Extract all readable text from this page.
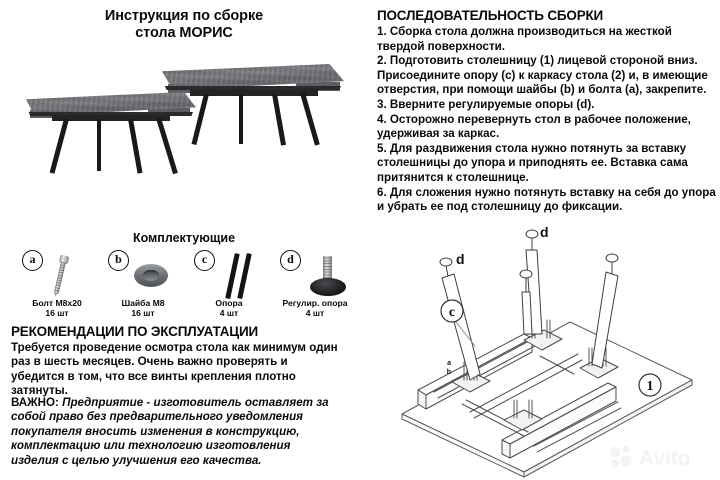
Инструкция по сборке
стола МОРИС
Комплектующие
a
Болт M8x20
16 шт
b
Шайба M8
16 шт
c
Опора
4 шт
d
Регулир. опора
4 шт
РЕКОМЕНДАЦИИ ПО ЭКСПЛУАТАЦИИ
Требуется проведение осмотра стола как минимум один раз в шесть месяцев. Очень важно проверять и убедится в том, что все винты крепления плотно затянуты.
ВАЖНО: Предприятие - изготовитель оставляет за собой право без предварительного уведомления покупателя вносить изменения в конструкцию, комплектацию или технологию изготовления изделия с целью улучшения его качества.
ПОСЛЕДОВАТЕЛЬНОСТЬ СБОРКИ

1. Сборка стола должна производиться на жесткой твердой поверхности.

2. Подготовить столешницу (1) лицевой стороной вниз. Присоедините опору (c) к каркасу стола (2) и, в имеющие отверстия, при помощи шайбы (b) и болта (a), закрепите.

3. Вверните регулируемые опоры (d).

4. Осторожно перевернуть стол в рабочее положение, удерживая за каркас.

5. Для раздвижения стола нужно потянуть за вставку столешницы до упора и приподнять ее. Вставка сама притянится к столешнице.

6. Для сложения нужно потянуть вставку на себя до упора и убрать ее под столешницу до фиксации.

c
1
d
d
a
b
Avito
